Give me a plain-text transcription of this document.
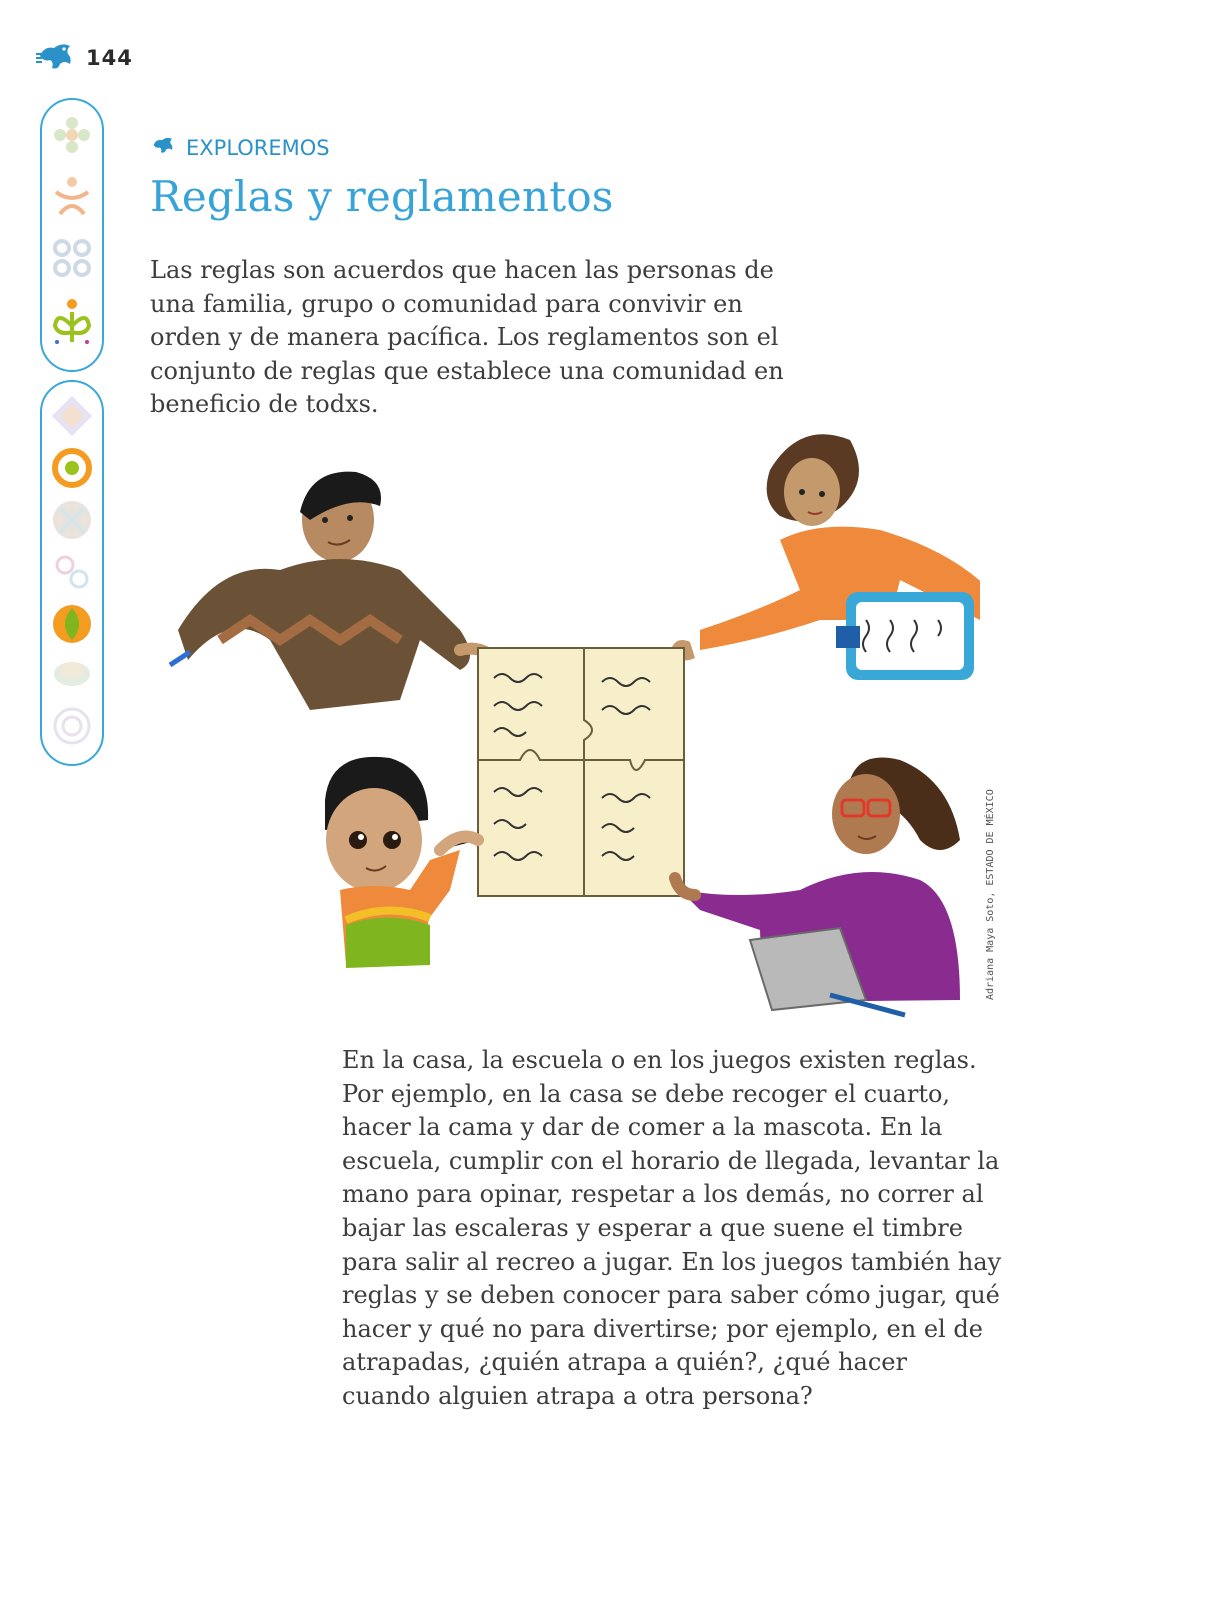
144
EXPLOREMOS
Reglas y reglamentos

Las reglas son acuerdos que hacen las personas de una familia, grupo o comunidad para convivir en orden y de manera pacífica. Los reglamentos son el conjunto de reglas que establece una comunidad en beneficio de todxs.

Adriana Maya Soto, ESTADO DE MÉXICO

En la casa, la escuela o en los juegos existen reglas. Por ejemplo, en la casa se debe recoger el cuarto, hacer la cama y dar de comer a la mascota. En la escuela, cumplir con el horario de llegada, levantar la mano para opinar, respetar a los demás, no correr al bajar las escaleras y esperar a que suene el timbre para salir al recreo a jugar. En los juegos también hay reglas y se deben conocer para saber cómo jugar, qué hacer y qué no para divertirse; por ejemplo, en el de atrapadas, ¿quién atrapa a quién?, ¿qué hacer cuando alguien atrapa a otra persona?
